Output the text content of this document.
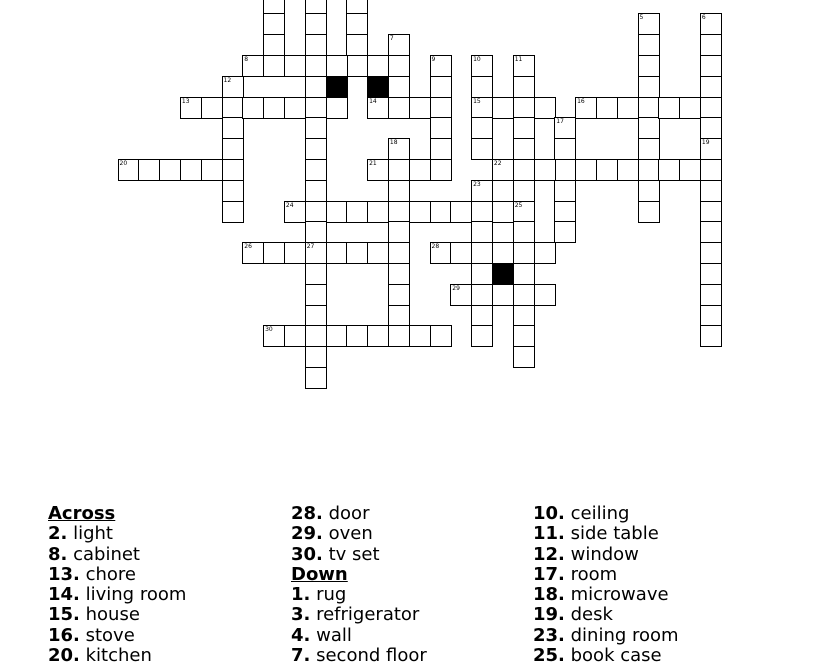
27
5	6
19
7
8	9	10
15
11
25
12
13	14	16
17
18
20	21	22
23
24
26	28
29
30
Across
2. light
8. cabinet
13. chore
14. living room
15. house
16. stove
20. kitchen
28. door
29. oven
30. tv set
Down
1. rug
3. refrigerator
4. wall
7. second floor
10. ceiling
11. side table
12. window
17. room
18. microwave
19. desk
23. dining room
25. book case
